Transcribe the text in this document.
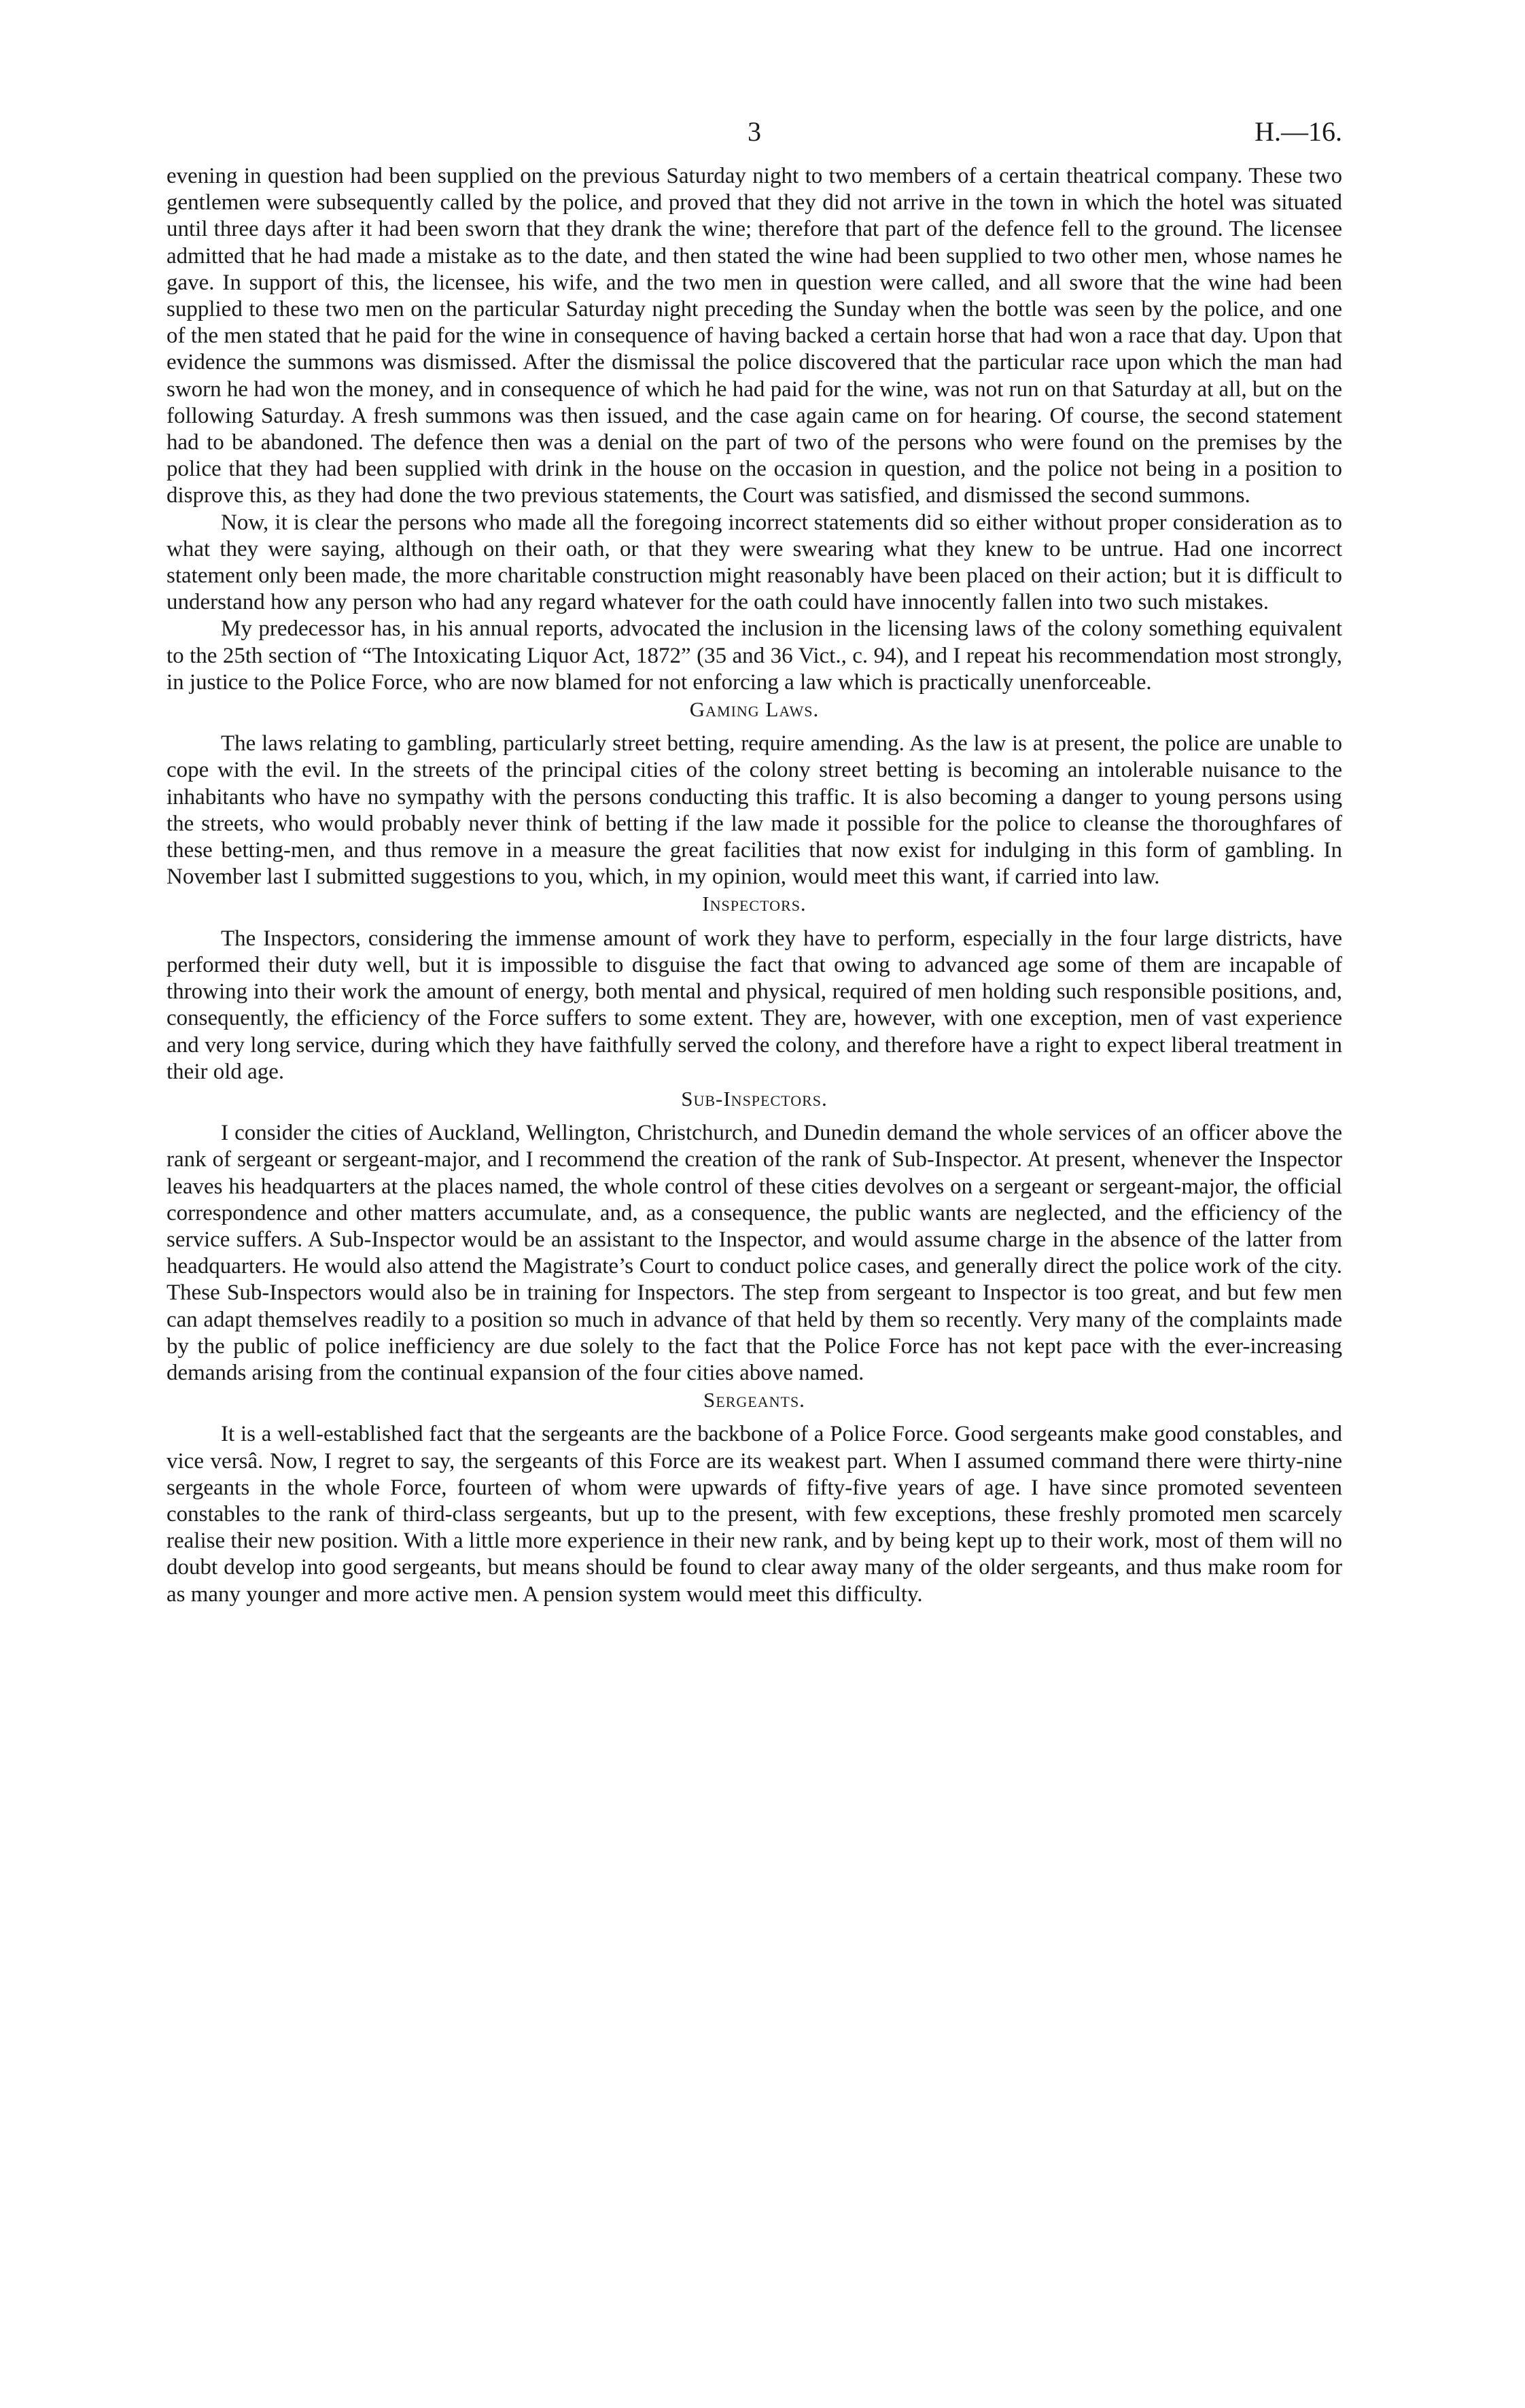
3	H.—16.

evening in question had been supplied on the previous Saturday night to two members of a certain theatrical company. These two gentlemen were subsequently called by the police, and proved that they did not arrive in the town in which the hotel was situated until three days after it had been sworn that they drank the wine; therefore that part of the defence fell to the ground. The licensee admitted that he had made a mistake as to the date, and then stated the wine had been supplied to two other men, whose names he gave. In support of this, the licensee, his wife, and the two men in question were called, and all swore that the wine had been supplied to these two men on the particular Saturday night preceding the Sunday when the bottle was seen by the police, and one of the men stated that he paid for the wine in consequence of having backed a certain horse that had won a race that day. Upon that evidence the summons was dismissed. After the dismissal the police discovered that the particular race upon which the man had sworn he had won the money, and in consequence of which he had paid for the wine, was not run on that Saturday at all, but on the following Saturday. A fresh summons was then issued, and the case again came on for hearing. Of course, the second statement had to be abandoned. The defence then was a denial on the part of two of the persons who were found on the premises by the police that they had been supplied with drink in the house on the occasion in question, and the police not being in a position to disprove this, as they had done the two previous statements, the Court was satisfied, and dismissed the second summons.

Now, it is clear the persons who made all the foregoing incorrect statements did so either without proper consideration as to what they were saying, although on their oath, or that they were swearing what they knew to be untrue. Had one incorrect statement only been made, the more charitable construction might reasonably have been placed on their action; but it is difficult to understand how any person who had any regard whatever for the oath could have innocently fallen into two such mistakes.

My predecessor has, in his annual reports, advocated the inclusion in the licensing laws of the colony something equivalent to the 25th section of “The Intoxicating Liquor Act, 1872” (35 and 36 Vict., c. 94), and I repeat his recommendation most strongly, in justice to the Police Force, who are now blamed for not enforcing a law which is practically unenforceable.

Gaming Laws.

The laws relating to gambling, particularly street betting, require amending. As the law is at present, the police are unable to cope with the evil. In the streets of the principal cities of the colony street betting is becoming an intolerable nuisance to the inhabitants who have no sympathy with the persons conducting this traffic. It is also becoming a danger to young persons using the streets, who would probably never think of betting if the law made it possible for the police to cleanse the thoroughfares of these betting-men, and thus remove in a measure the great facilities that now exist for indulging in this form of gambling. In November last I submitted suggestions to you, which, in my opinion, would meet this want, if carried into law.

Inspectors.

The Inspectors, considering the immense amount of work they have to perform, especially in the four large districts, have performed their duty well, but it is impossible to disguise the fact that owing to advanced age some of them are incapable of throwing into their work the amount of energy, both mental and physical, required of men holding such responsible positions, and, consequently, the efficiency of the Force suffers to some extent. They are, however, with one exception, men of vast experience and very long service, during which they have faithfully served the colony, and therefore have a right to expect liberal treatment in their old age.

Sub-Inspectors.

I consider the cities of Auckland, Wellington, Christchurch, and Dunedin demand the whole services of an officer above the rank of sergeant or sergeant-major, and I recommend the creation of the rank of Sub-Inspector. At present, whenever the Inspector leaves his headquarters at the places named, the whole control of these cities devolves on a sergeant or sergeant-major, the official correspondence and other matters accumulate, and, as a consequence, the public wants are neglected, and the efficiency of the service suffers. A Sub-Inspector would be an assistant to the Inspector, and would assume charge in the absence of the latter from headquarters. He would also attend the Magistrate’s Court to conduct police cases, and generally direct the police work of the city. These Sub-Inspectors would also be in training for Inspectors. The step from sergeant to Inspector is too great, and but few men can adapt themselves readily to a position so much in advance of that held by them so recently. Very many of the complaints made by the public of police inefficiency are due solely to the fact that the Police Force has not kept pace with the ever-increasing demands arising from the continual expansion of the four cities above named.

Sergeants.

It is a well-established fact that the sergeants are the backbone of a Police Force. Good sergeants make good constables, and vice versâ. Now, I regret to say, the sergeants of this Force are its weakest part. When I assumed command there were thirty-nine sergeants in the whole Force, fourteen of whom were upwards of fifty-five years of age. I have since promoted seventeen constables to the rank of third-class sergeants, but up to the present, with few exceptions, these freshly promoted men scarcely realise their new position. With a little more experience in their new rank, and by being kept up to their work, most of them will no doubt develop into good sergeants, but means should be found to clear away many of the older sergeants, and thus make room for as many younger and more active men. A pension system would meet this difficulty.
